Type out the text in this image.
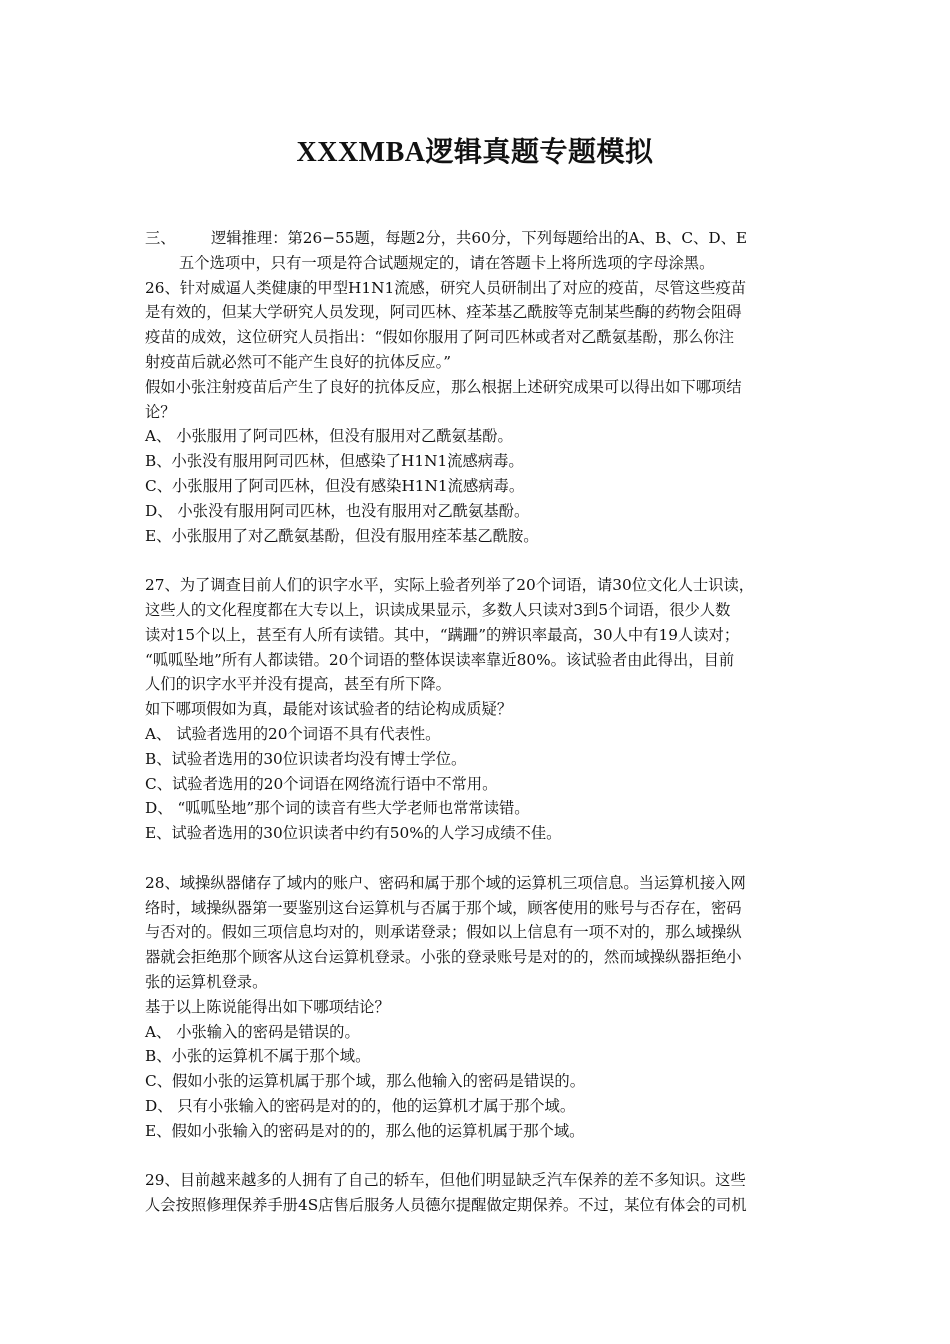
XXXMBA逻辑真题专题模拟
三、	逻辑推理：第26−55题，每题2分，共60分，下列每题给出的A、B、C、D、E
五个选项中，只有一项是符合试题规定的，请在答题卡上将所选项的字母涂黑。
26、针对威逼人类健康的甲型H1N1流感，研究人员研制出了对应的疫苗，尽管这些疫苗
是有效的，但某大学研究人员发现，阿司匹林、痊苯基乙酰胺等克制某些酶的药物会阻碍
疫苗的成效，这位研究人员指出：“假如你服用了阿司匹林或者对乙酰氨基酚，那么你注
射疫苗后就必然可不能产生良好的抗体反应。”
假如小张注射疫苗后产生了良好的抗体反应，那么根据上述研究成果可以得出如下哪项结
论？
A、 小张服用了阿司匹林，但没有服用对乙酰氨基酚。
B、小张没有服用阿司匹林，但感染了H1N1流感病毒。
C、小张服用了阿司匹林，但没有感染H1N1流感病毒。
D、 小张没有服用阿司匹林，也没有服用对乙酰氨基酚。
E、小张服用了对乙酰氨基酚，但没有服用痊苯基乙酰胺。
27、为了调查目前人们的识字水平，实际上验者列举了20个词语，请30位文化人士识读，
这些人的文化程度都在大专以上，识读成果显示，多数人只读对3到5个词语，很少人数
读对15个以上，甚至有人所有读错。其中，“蹒跚”的辨识率最高，30人中有19人读对；
“呱呱坠地”所有人都读错。20个词语的整体误读率靠近80%。该试验者由此得出，目前
人们的识字水平并没有提高，甚至有所下降。
如下哪项假如为真，最能对该试验者的结论构成质疑？
A、 试验者选用的20个词语不具有代表性。
B、试验者选用的30位识读者均没有博士学位。
C、试验者选用的20个词语在网络流行语中不常用。
D、 “呱呱坠地”那个词的读音有些大学老师也常常读错。
E、试验者选用的30位识读者中约有50%的人学习成绩不佳。
28、域操纵器储存了域内的账户、密码和属于那个域的运算机三项信息。当运算机接入网
络时，域操纵器第一要鉴别这台运算机与否属于那个域，顾客使用的账号与否存在，密码
与否对的。假如三项信息均对的，则承诺登录；假如以上信息有一项不对的，那么域操纵
器就会拒绝那个顾客从这台运算机登录。小张的登录账号是对的的，然而域操纵器拒绝小
张的运算机登录。
基于以上陈说能得出如下哪项结论？
A、 小张输入的密码是错误的。
B、小张的运算机不属于那个域。
C、假如小张的运算机属于那个域，那么他输入的密码是错误的。
D、 只有小张输入的密码是对的的，他的运算机才属于那个域。
E、假如小张输入的密码是对的的，那么他的运算机属于那个域。
29、目前越来越多的人拥有了自己的轿车，但他们明显缺乏汽车保养的差不多知识。这些
人会按照修理保养手册4S店售后服务人员德尔提醒做定期保养。不过，某位有体会的司机
